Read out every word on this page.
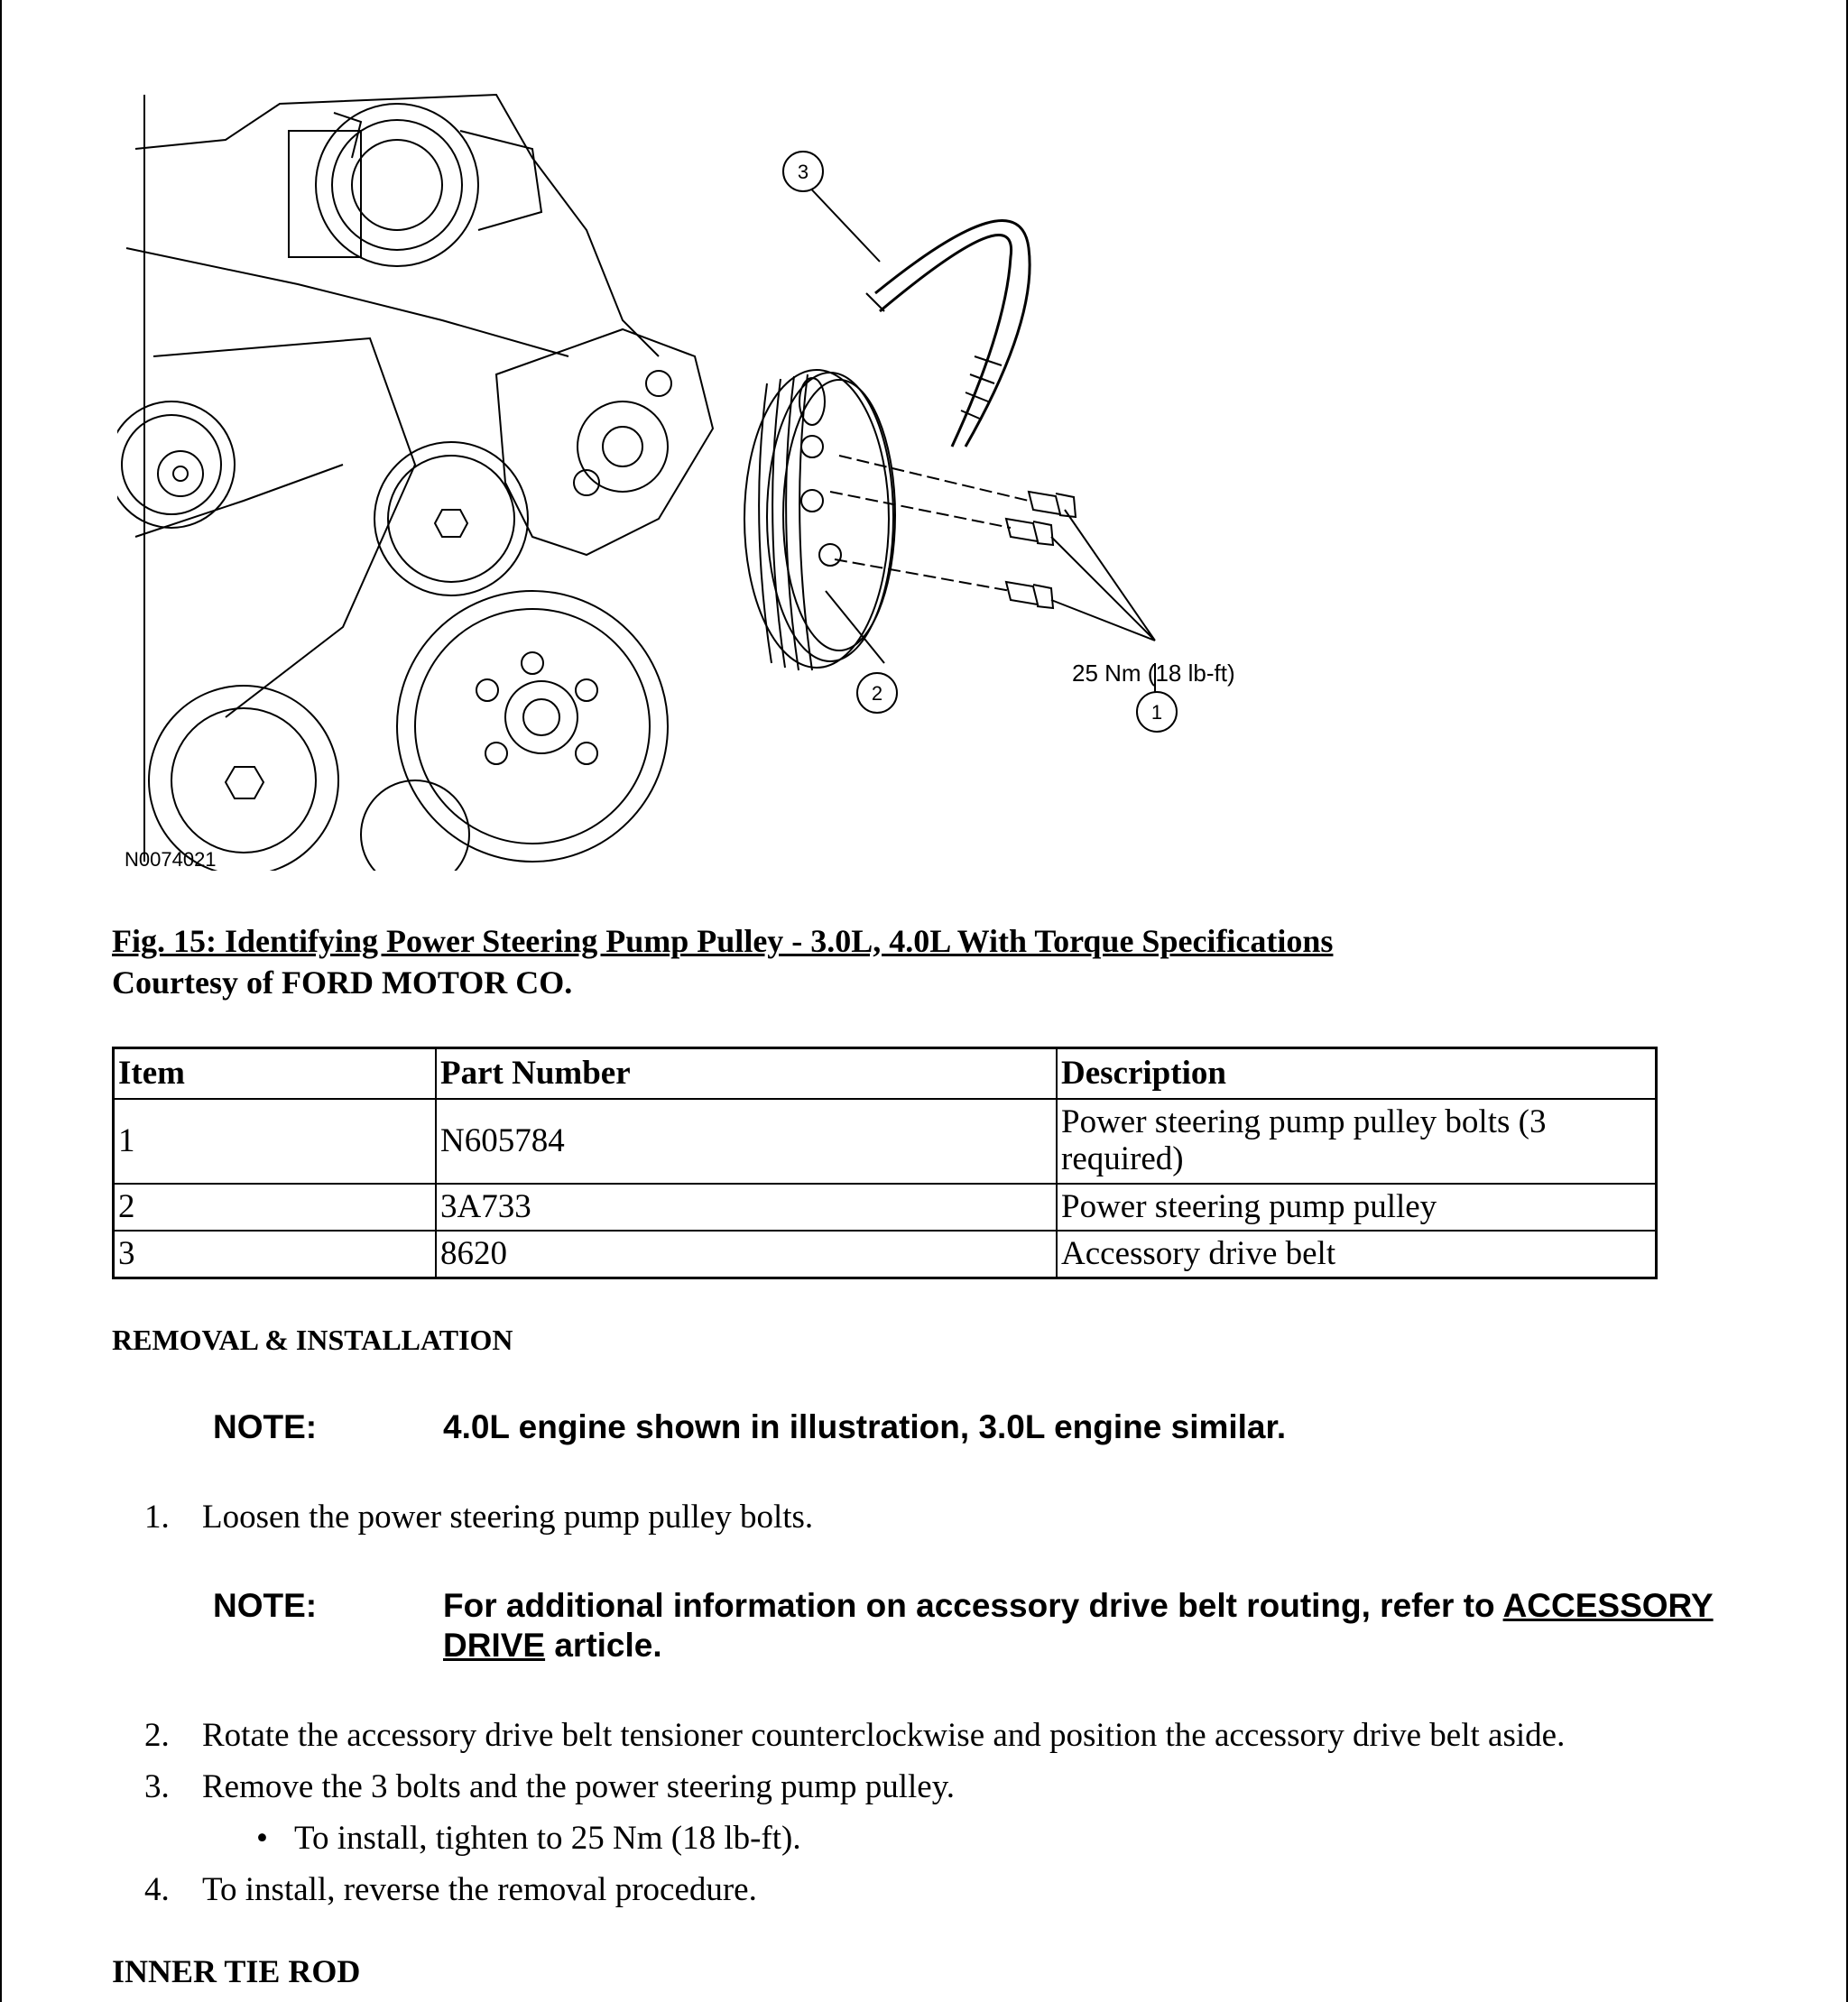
3
2
1
25 Nm (18 lb-ft)
N0074021
Fig. 15: Identifying Power Steering Pump Pulley - 3.0L, 4.0L With Torque Specifications
Courtesy of FORD MOTOR CO.
Item	Part Number	Description
1	N605784	Power steering pump pulley bolts (3 required)
2	3A733	Power steering pump pulley
3	8620	Accessory drive belt
REMOVAL & INSTALLATION
NOTE:	4.0L engine shown in illustration, 3.0L engine similar.
1. Loosen the power steering pump pulley bolts.
NOTE:	For additional information on accessory drive belt routing, refer to ACCESSORY DRIVE article.
2. Rotate the accessory drive belt tensioner counterclockwise and position the accessory drive belt aside.
3. Remove the 3 bolts and the power steering pump pulley.
• To install, tighten to 25 Nm (18 lb-ft).
4. To install, reverse the removal procedure.
INNER TIE ROD
